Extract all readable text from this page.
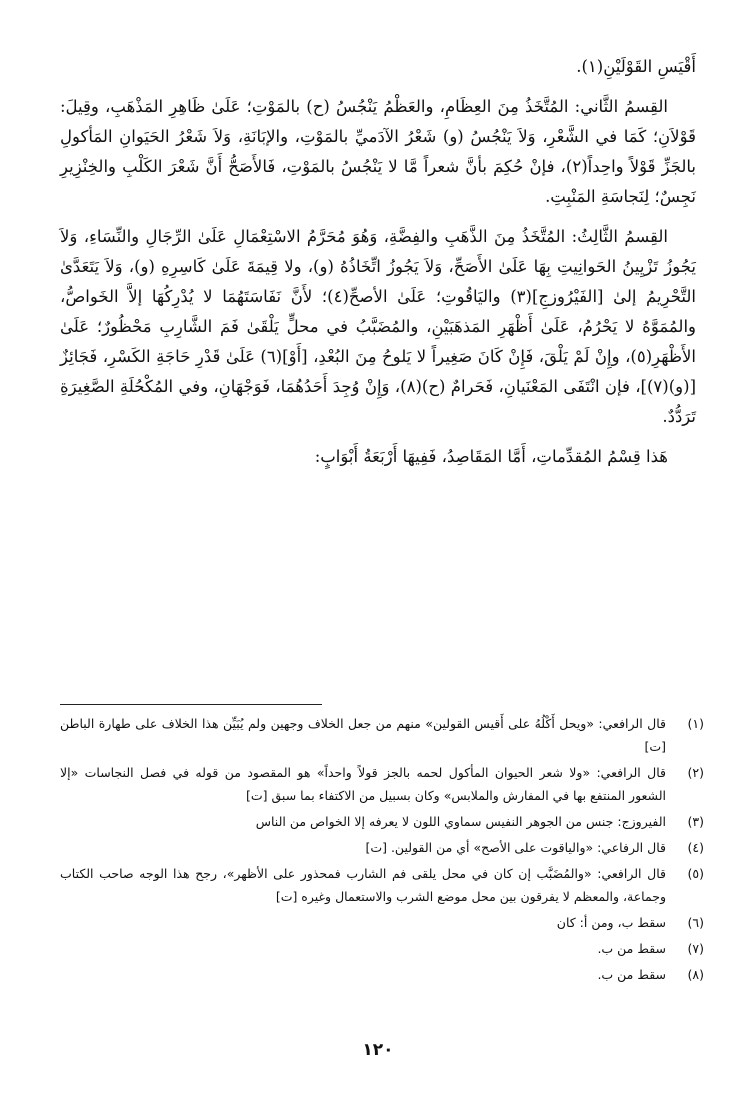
أَقْيَسِ القَوْلَيْنِ(١).

القِسمُ الثَّاني: المُتَّخَذُ مِنَ العِظَامِ، والعَظْمُ يَنْجُسُ (ح) بالمَوْتِ؛ عَلَىٰ ظَاهِرِ المَذْهَبِ، وقِيلَ: قَوْلاَنِ؛ كَمَا في الشَّعْرِ، وَلاَ يَنْجُسُ (و) شَعْرُ الآدَميِّ بالمَوْتِ، والإبَانَةِ، وَلاَ شَعْرُ الحَيَوانِ المَأكولِ بالجَزِّ قَوْلاً واحِداً(٢)، فإنْ حُكِمَ بأنَّ شعراً مَّا لا يَنْجُسُ بالمَوْتِ، فَالأَصَحُّ أَنَّ شَعْرَ الكَلْبِ والخِنْزِيرِ نَجِسٌ؛ لِنَجاسَةِ المَنْبِتِ.

القِسمُ الثَّالِثُ: المُتَّخَذُ مِنَ الذَّهَبِ والفِضَّةِ، وَهُوَ مُحَرَّمُ الاسْتِعْمَالِ عَلَىٰ الرِّجَالِ والنِّسَاءِ، وَلاَ يَجُوزُ تَزْيِينُ الحَوانِيتِ بِهَا عَلَىٰ الأَصَحِّ، وَلاَ يَجُوزُ اتِّخَاذُهُ (و)، ولا قِيمَةَ عَلَىٰ كَاسِرِهِ (و)، وَلاَ يَتَعَدَّىٰ التَّحْرِيمُ إلىٰ [الفَيْرُوزجِ](٣) واليَاقُوتِ؛ عَلَىٰ الأصحِّ(٤)؛ لأَنَّ نَفَاسَتَهُمَا لا يُدْرِكُهَا إلاَّ الخَواصُّ، والمُمَوَّهُ لا يَحْرُمُ، عَلَىٰ أَظْهَرِ المَذهَبَيْنِ، والمُضَبَّبُ في محلٍّ يَلْقَىٰ فَمَ الشَّارِبِ مَحْظُورٌ؛ عَلَىٰ الأَظْهَرِ(٥)، وإِنْ لَمْ يَلْقَ، فَإِنْ كَانَ صَغِيراً لا يَلوحُ مِنَ البُعْدِ، [أَوْ](٦) عَلَىٰ قَدْرِ حَاجَةِ الكَسْرِ، فَجَائِزٌ [(و)(٧)]، فإن انْتَفَى المَعْنَيانِ، فَحَرامٌ (ح)(٨)، وَإِنْ وُجِدَ أَحَدُهُمَا، فَوَجْهَانِ، وفي المُكْحُلَةِ الصَّغِيرَةِ تَرَدُّدٌ.

هَذا قِسْمُ المُقدِّماتِ، أَمَّا المَقَاصِدُ، فَفِيهَا أَرْبَعَةُ أَبْوَابٍ:

(١)
قال الرافعي: «ويحل أَكْلُهُ على أَقيس القولين» منهم من جعل الخلاف وجهين ولم يُبَيِّن هذا الخلاف على طهارة الباطن [ت]
(٢)
قال الرافعي: «ولا شعر الحيوان المأكول لحمه بالجز قولاً واحداً» هو المقصود من قوله في فصل النجاسات «إلا الشعور المنتفع بها في المفارش والملابس» وكان بسبيل من الاكتفاء بما سبق [ت]
(٣)
الفيروزج: جنس من الجوهر النفيس سماوي اللون لا يعرفه إلا الخواص من الناس
(٤)
قال الرفاعي: «والياقوت على الأصح» أي من القولين. [ت]
(٥)
قال الرافعي: «والمُضَبَّب إن كان في محل يلقى فم الشارب فمحذور على الأظهر»، رجح هذا الوجه صاحب الكتاب وجماعة، والمعظم لا يفرقون بين محل موضع الشرب والاستعمال وغيره [ت]
(٦)
سقط ب، ومن أ: كان
(٧)
سقط من ب.
(٨)
سقط من ب.
١٢٠
